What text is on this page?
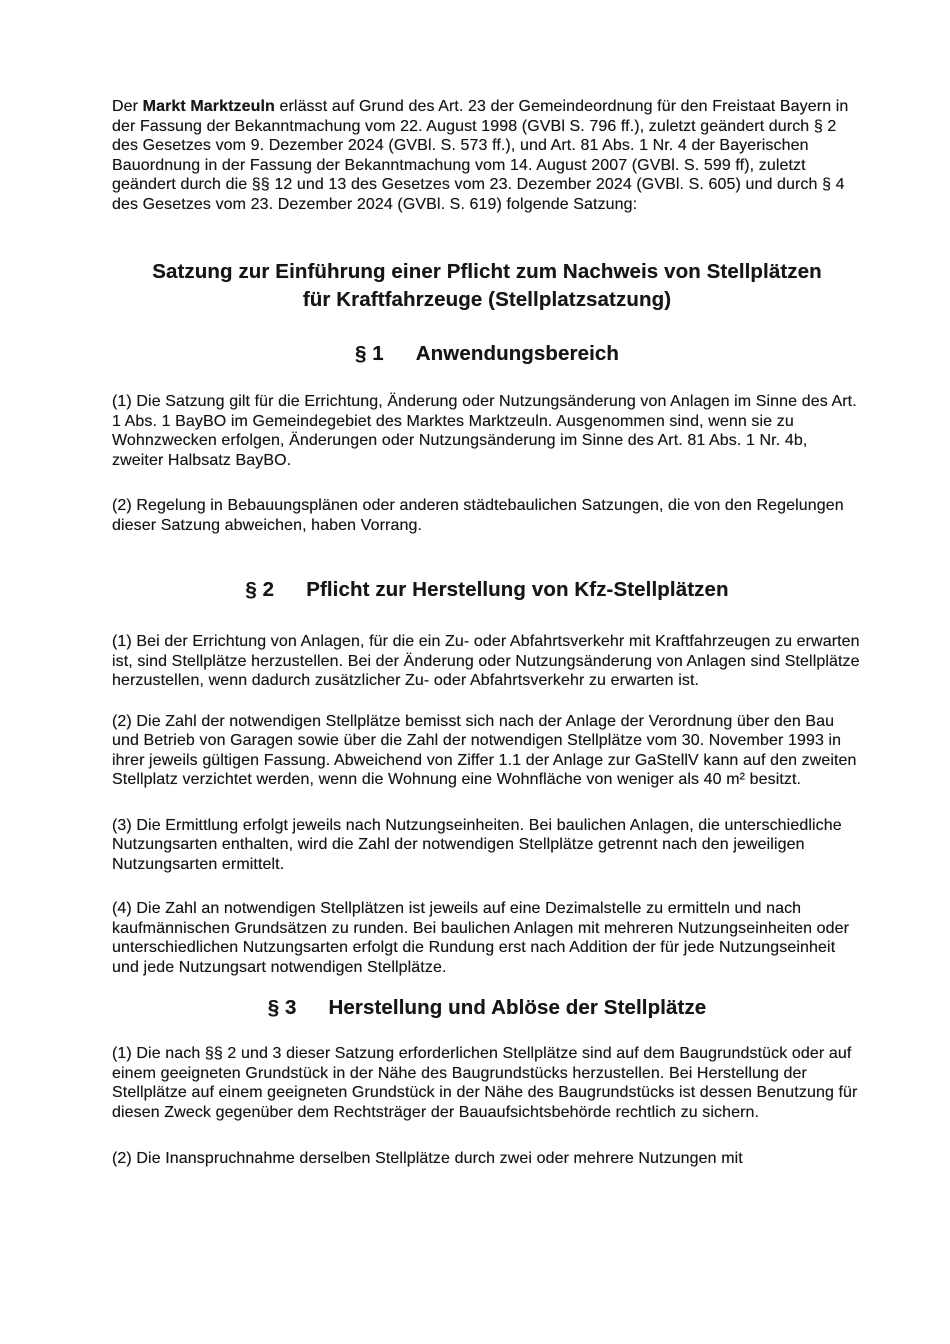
Der Markt Marktzeuln erlässt auf Grund des Art. 23 der Gemeindeordnung für den Freistaat Bayern in der Fassung der Bekanntmachung vom 22. August 1998 (GVBl S. 796 ff.), zuletzt geändert durch § 2 des Gesetzes vom 9. Dezember 2024 (GVBl. S. 573 ff.), und Art. 81 Abs. 1 Nr. 4 der Bayerischen Bauordnung in der Fassung der Bekanntmachung vom 14. August 2007 (GVBl. S. 599 ff), zuletzt geändert durch die §§ 12 und 13 des Gesetzes vom 23. Dezember 2024 (GVBl. S. 605) und durch § 4 des Gesetzes vom 23. Dezember 2024 (GVBl. S. 619) folgende Satzung:

Satzung zur Einführung einer Pflicht zum Nachweis von Stellplätzen
für Kraftfahrzeuge (Stellplatzsatzung)
§ 1 Anwendungsbereich

(1) Die Satzung gilt für die Errichtung, Änderung oder Nutzungsänderung von Anlagen im Sinne des Art. 1 Abs. 1 BayBO im Gemeindegebiet des Marktes Marktzeuln. Ausgenommen sind, wenn sie zu Wohnzwecken erfolgen, Änderungen oder Nutzungsänderung im Sinne des Art. 81 Abs. 1 Nr. 4b, zweiter Halbsatz BayBO.

(2) Regelung in Bebauungsplänen oder anderen städtebaulichen Satzungen, die von den Regelungen dieser Satzung abweichen, haben Vorrang.

§ 2 Pflicht zur Herstellung von Kfz-Stellplätzen

(1) Bei der Errichtung von Anlagen, für die ein Zu- oder Abfahrtsverkehr mit Kraftfahrzeugen zu erwarten ist, sind Stellplätze herzustellen. Bei der Änderung oder Nutzungsänderung von Anlagen sind Stellplätze herzustellen, wenn dadurch zusätzlicher Zu- oder Abfahrtsverkehr zu erwarten ist.

(2) Die Zahl der notwendigen Stellplätze bemisst sich nach der Anlage der Verordnung über den Bau und Betrieb von Garagen sowie über die Zahl der notwendigen Stellplätze vom 30. November 1993 in ihrer jeweils gültigen Fassung. Abweichend von Ziffer 1.1 der Anlage zur GaStellV kann auf den zweiten Stellplatz verzichtet werden, wenn die Wohnung eine Wohnfläche von weniger als 40 m² besitzt.

(3) Die Ermittlung erfolgt jeweils nach Nutzungseinheiten. Bei baulichen Anlagen, die unterschiedliche Nutzungsarten enthalten, wird die Zahl der notwendigen Stellplätze getrennt nach den jeweiligen Nutzungsarten ermittelt.

(4) Die Zahl an notwendigen Stellplätzen ist jeweils auf eine Dezimalstelle zu ermitteln und nach kaufmännischen Grundsätzen zu runden. Bei baulichen Anlagen mit mehreren Nutzungseinheiten oder unterschiedlichen Nutzungsarten erfolgt die Rundung erst nach Addition der für jede Nutzungseinheit und jede Nutzungsart notwendigen Stellplätze.

§ 3 Herstellung und Ablöse der Stellplätze

(1) Die nach §§ 2 und 3 dieser Satzung erforderlichen Stellplätze sind auf dem Baugrundstück oder auf einem geeigneten Grundstück in der Nähe des Baugrundstücks herzustellen. Bei Herstellung der Stellplätze auf einem geeigneten Grundstück in der Nähe des Baugrundstücks ist dessen Benutzung für diesen Zweck gegenüber dem Rechtsträger der Bauaufsichtsbehörde rechtlich zu sichern.

(2) Die Inanspruchnahme derselben Stellplätze durch zwei oder mehrere Nutzungen mit
